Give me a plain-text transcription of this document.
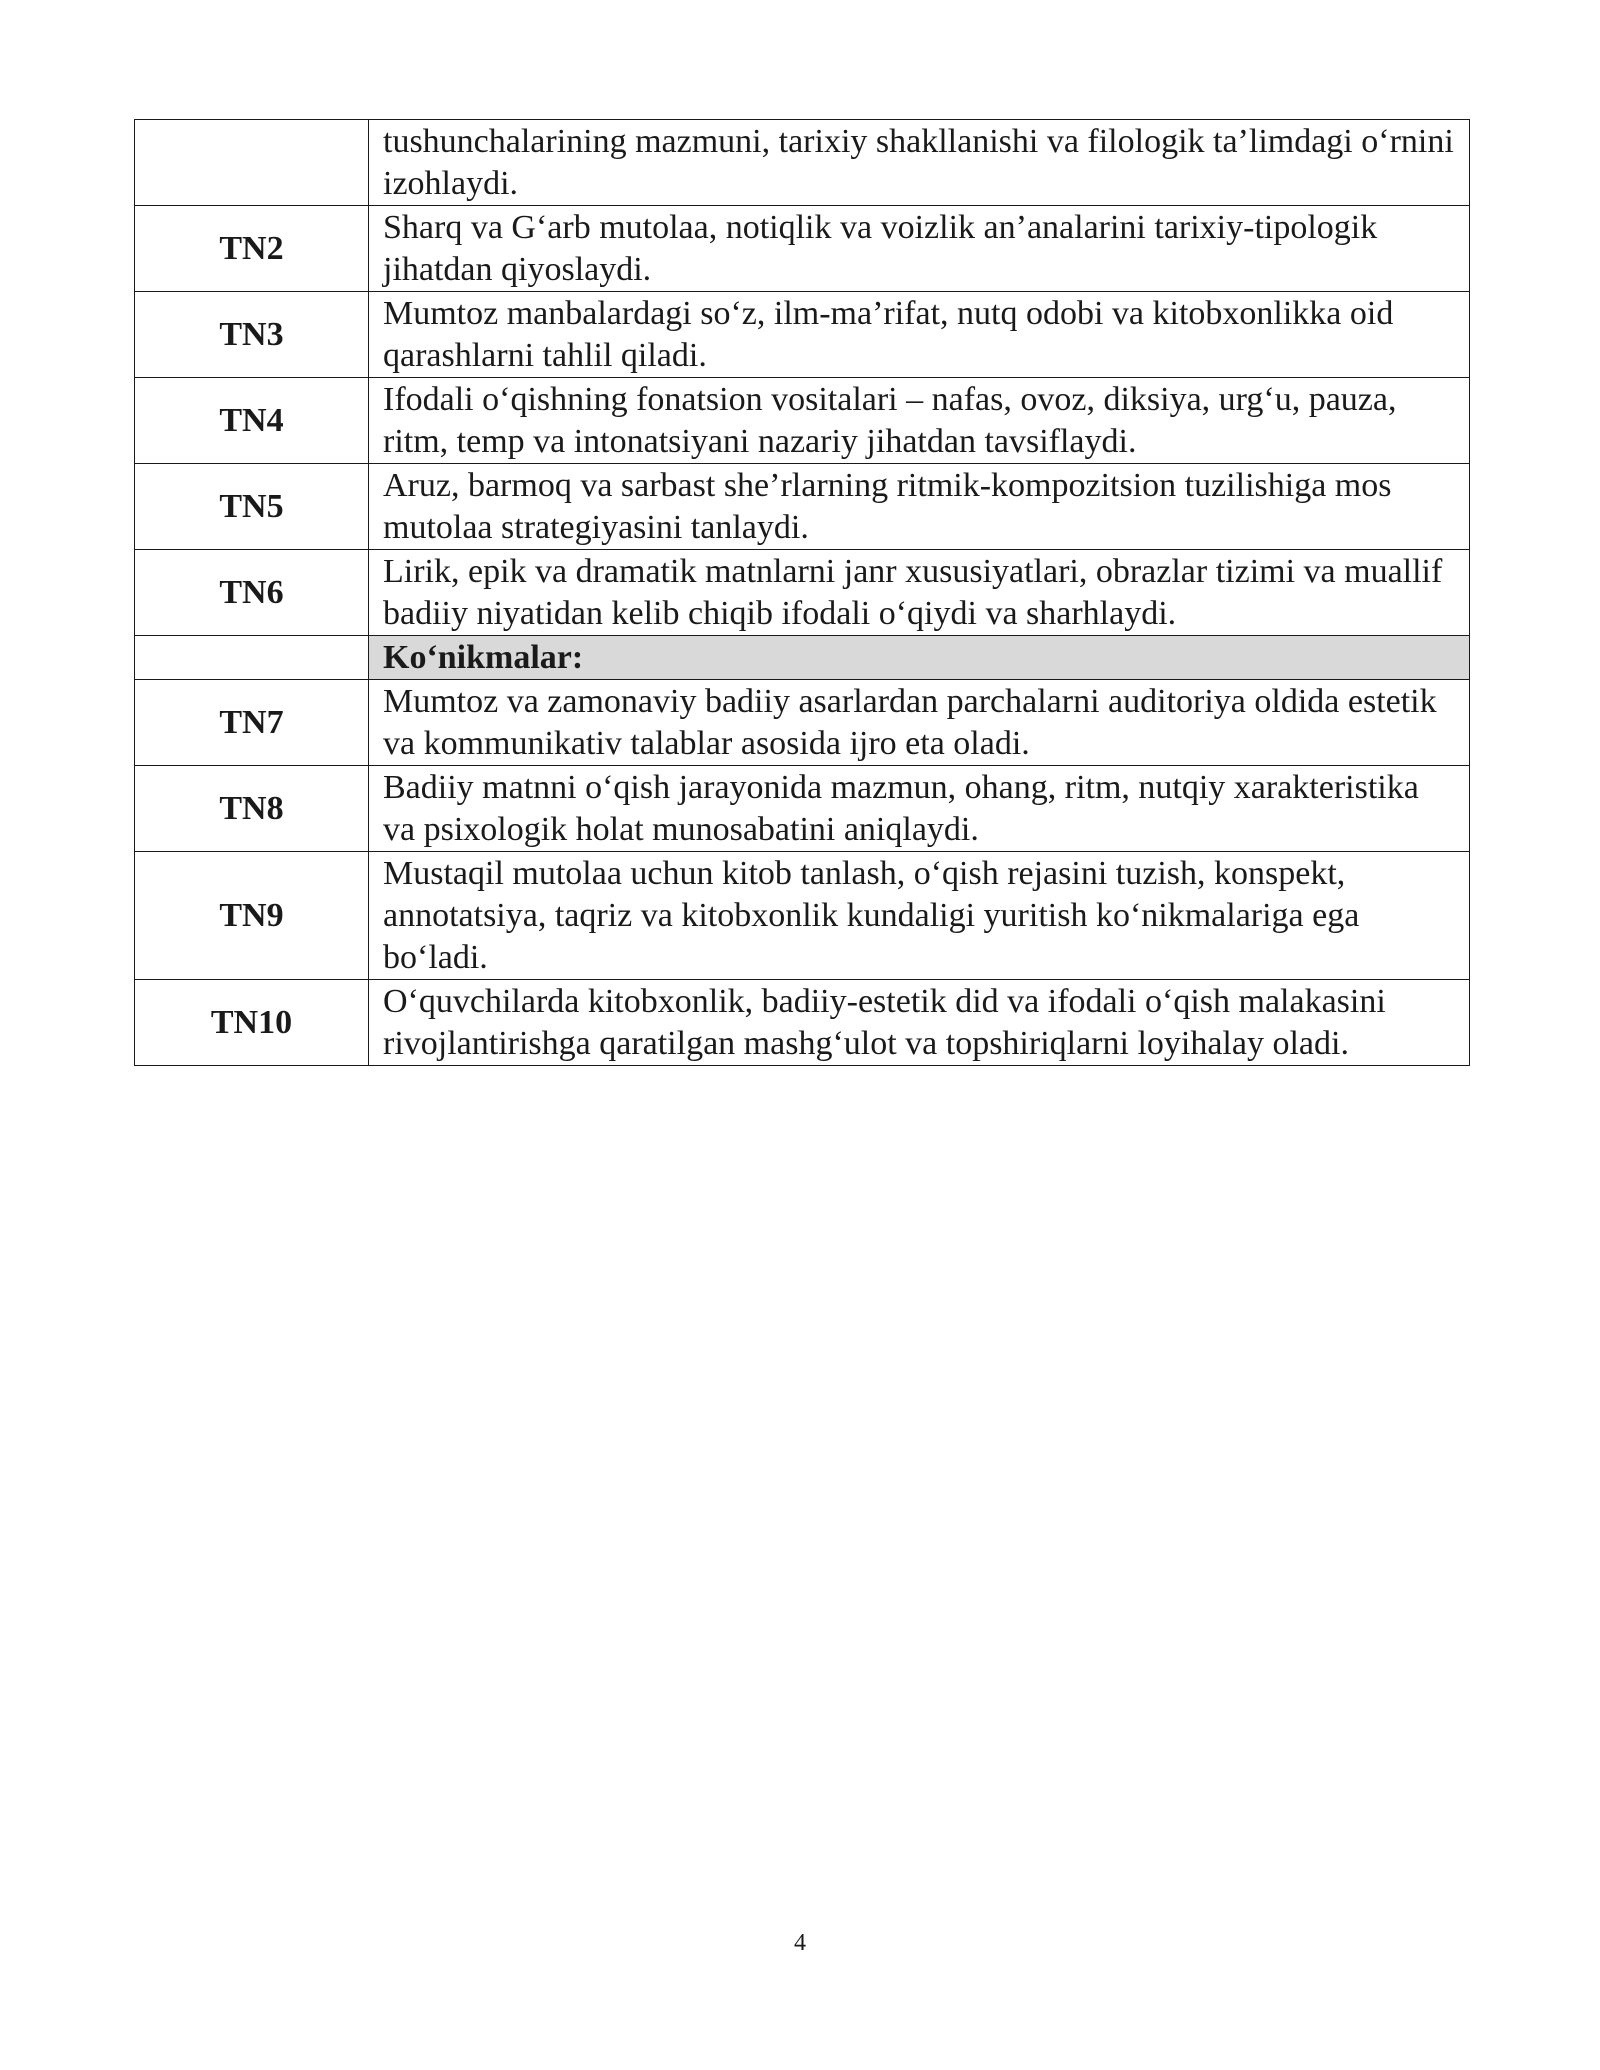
	tushunchalarining mazmuni, tarixiy shakllanishi va filologik ta’limdagi o‘rnini izohlaydi.
TN2	Sharq va G‘arb mutolaa, notiqlik va voizlik an’analarini tarixiy-tipologik jihatdan qiyoslaydi.
TN3	Mumtoz manbalardagi so‘z, ilm-ma’rifat, nutq odobi va kitobxonlikka oid qarashlarni tahlil qiladi.
TN4	Ifodali o‘qishning fonatsion vositalari – nafas, ovoz, diksiya, urg‘u, pauza, ritm, temp va intonatsiyani nazariy jihatdan tavsiflaydi.
TN5	Aruz, barmoq va sarbast she’rlarning ritmik-kompozitsion tuzilishiga mos mutolaa strategiyasini tanlaydi.
TN6	Lirik, epik va dramatik matnlarni janr xususiyatlari, obrazlar tizimi va muallif badiiy niyatidan kelib chiqib ifodali o‘qiydi va sharhlaydi.
	Ko‘nikmalar:
TN7	Mumtoz va zamonaviy badiiy asarlardan parchalarni auditoriya oldida estetik va kommunikativ talablar asosida ijro eta oladi.
TN8	Badiiy matnni o‘qish jarayonida mazmun, ohang, ritm, nutqiy xarakteristika va psixologik holat munosabatini aniqlaydi.
TN9	Mustaqil mutolaa uchun kitob tanlash, o‘qish rejasini tuzish, konspekt, annotatsiya, taqriz va kitobxonlik kundaligi yuritish ko‘nikmalariga ega bo‘ladi.
TN10	O‘quvchilarda kitobxonlik, badiiy-estetik did va ifodali o‘qish malakasini rivojlantirishga qaratilgan mashg‘ulot va topshiriqlarni loyihalay oladi.
4
